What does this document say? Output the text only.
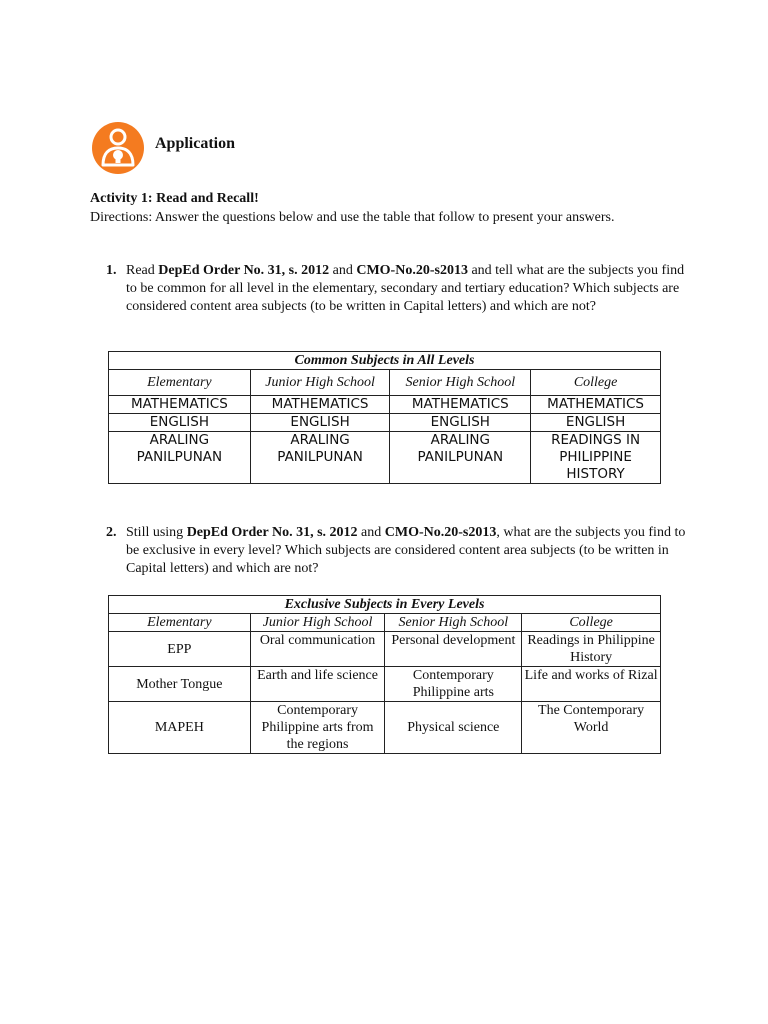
Application
Activity 1: Read and Recall!
Directions: Answer the questions below and use the table that follow to present your answers.
1. Read DepEd Order No. 31, s. 2012 and CMO-No.20-s2013 and tell what are the subjects you find to be common for all level in the elementary, secondary and tertiary education? Which subjects are considered content area subjects (to be written in Capital letters) and which are not?
Common Subjects in All Levels			
Elementary	Junior High School	Senior High School	College
MATHEMATICS	MATHEMATICS	MATHEMATICS	MATHEMATICS
ENGLISH	ENGLISH	ENGLISH	ENGLISH
ARALING PANILPUNAN	ARALING PANILPUNAN	ARALING PANILPUNAN	READINGS IN PHILIPPINE HISTORY
2. Still using DepEd Order No. 31, s. 2012 and CMO-No.20-s2013, what are the subjects you find to be exclusive in every level? Which subjects are considered content area subjects (to be written in Capital letters) and which are not?
Exclusive Subjects in Every Levels			
Elementary	Junior High School	Senior High School	College
EPP	Oral communication	Personal development	Readings in Philippine History
Mother Tongue	Earth and life science	Contemporary Philippine arts	Life and works of Rizal
MAPEH	Contemporary Philippine arts from the regions	Physical science	The Contemporary World
